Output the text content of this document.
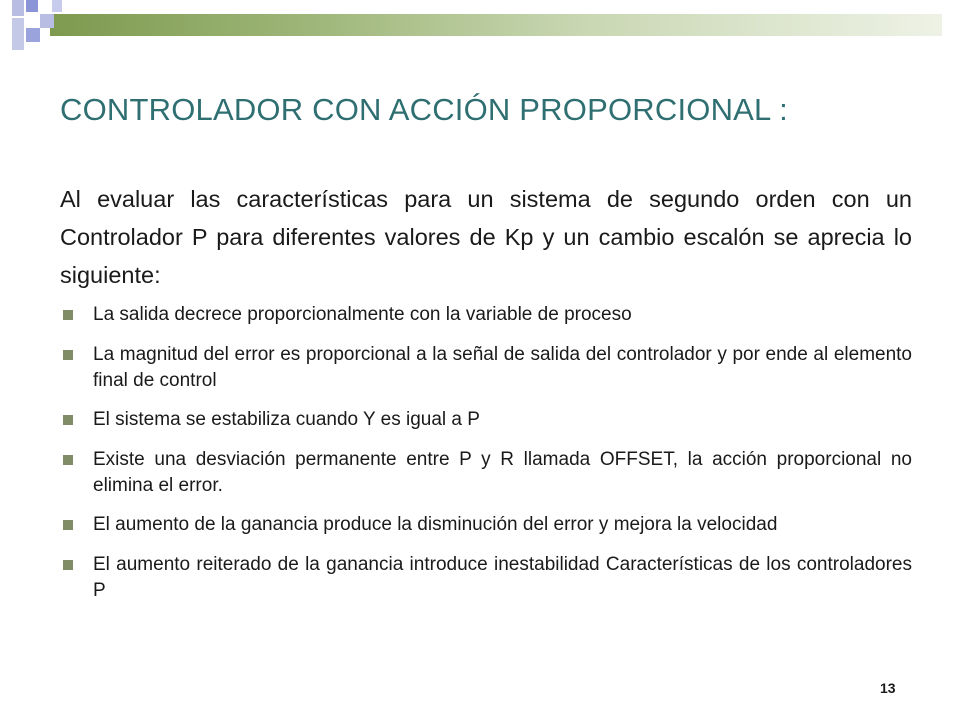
CONTROLADOR CON ACCIÓN PROPORCIONAL :
Al evaluar las características para un sistema de segundo orden con un Controlador P para diferentes valores de Kp y un cambio escalón se aprecia lo siguiente:
La salida decrece proporcionalmente con la variable de proceso
La magnitud del error es proporcional a la señal de salida del controlador y por ende al elemento final de control
El sistema se estabiliza cuando Y es igual a P
Existe una desviación permanente entre P y R llamada OFFSET, la acción proporcional no elimina el error.
El aumento de la ganancia produce la disminución del error y mejora la velocidad
El aumento reiterado de la ganancia introduce inestabilidad Características de los controladores P
13
